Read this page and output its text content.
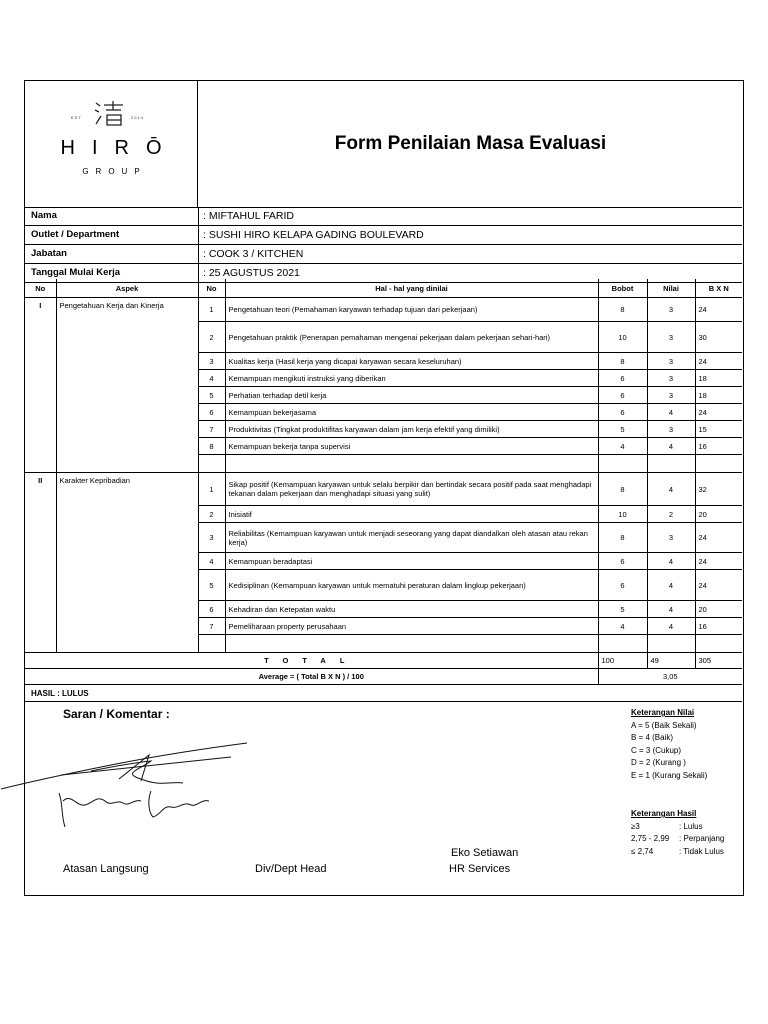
EST	2014
HIRŌ
GROUP
Form Penilaian Masa Evaluasi
Nama	: MIFTAHUL FARID
Outlet / Department	: SUSHI HIRO KELAPA GADING BOULEVARD
Jabatan	: COOK 3 / KITCHEN
Tanggal Mulai Kerja	: 25 AGUSTUS 2021
No	Aspek	No	Hal - hal yang dinilai	Bobot	Nilai	B X N
I	Pengetahuan Kerja dan Kinerja	1	Pengetahuan teori (Pemahaman karyawan terhadap tujuan dari pekerjaan)	8	3	24
		2	Pengetahuan praktik (Penerapan pemahaman mengenai pekerjaan dalam pekerjaan sehari-hari)	10	3	30
		3	Kualitas kerja (Hasil kerja yang dicapai karyawan secara keseluruhan)	8	3	24
		4	Kemampuan mengikuti instruksi yang diberikan	6	3	18
		5	Perhatian terhadap detil kerja	6	3	18
		6	Kemampuan bekerjasama	6	4	24
		7	Produktivitas (Tingkat produktifitas karyawan dalam jam kerja efektif yang dimiliki)	5	3	15
		8	Kemampuan bekerja tanpa supervisi	4	4	16

II	Karakter Kepribadian	1	Sikap positif (Kemampuan karyawan untuk selalu berpikir dan bertindak secara positif pada saat menghadapi tekanan dalam pekerjaan dan menghadapi situasi yang sulit)	8	4	32
		2	Inisiatif	10	2	20
		3	Reliabilitas (Kemampuan karyawan untuk menjadi seseorang yang dapat diandalkan oleh atasan atau rekan kerja)	8	3	24
		4	Kemampuan beradaptasi	6	4	24
		5	Kedisiplinan (Kemampuan karyawan untuk mematuhi peraturan dalam lingkup pekerjaan)	6	4	24
		6	Kehadiran dan Ketepatan waktu	5	4	20
		7	Pemeliharaan property perusahaan	4	4	16

TOTAL				100	49	305
Average = ( Total B X N ) / 100				3,05		
HASIL : LULUS
Saran / Komentar :	Keterangan Nilai
A = 5 (Baik Sekali)
B = 4 (Baik)
C = 3 (Cukup)
D = 2 (Kurang )
E = 1 (Kurang Sekali)
Keterangan Hasil
≥3	: Lulus
2,75 - 2,99 : Perpanjang
≤ 2,74	: Tidak Lulus
Atasan Langsung	Div/Dept Head
Eko Setiawan
HR Services
